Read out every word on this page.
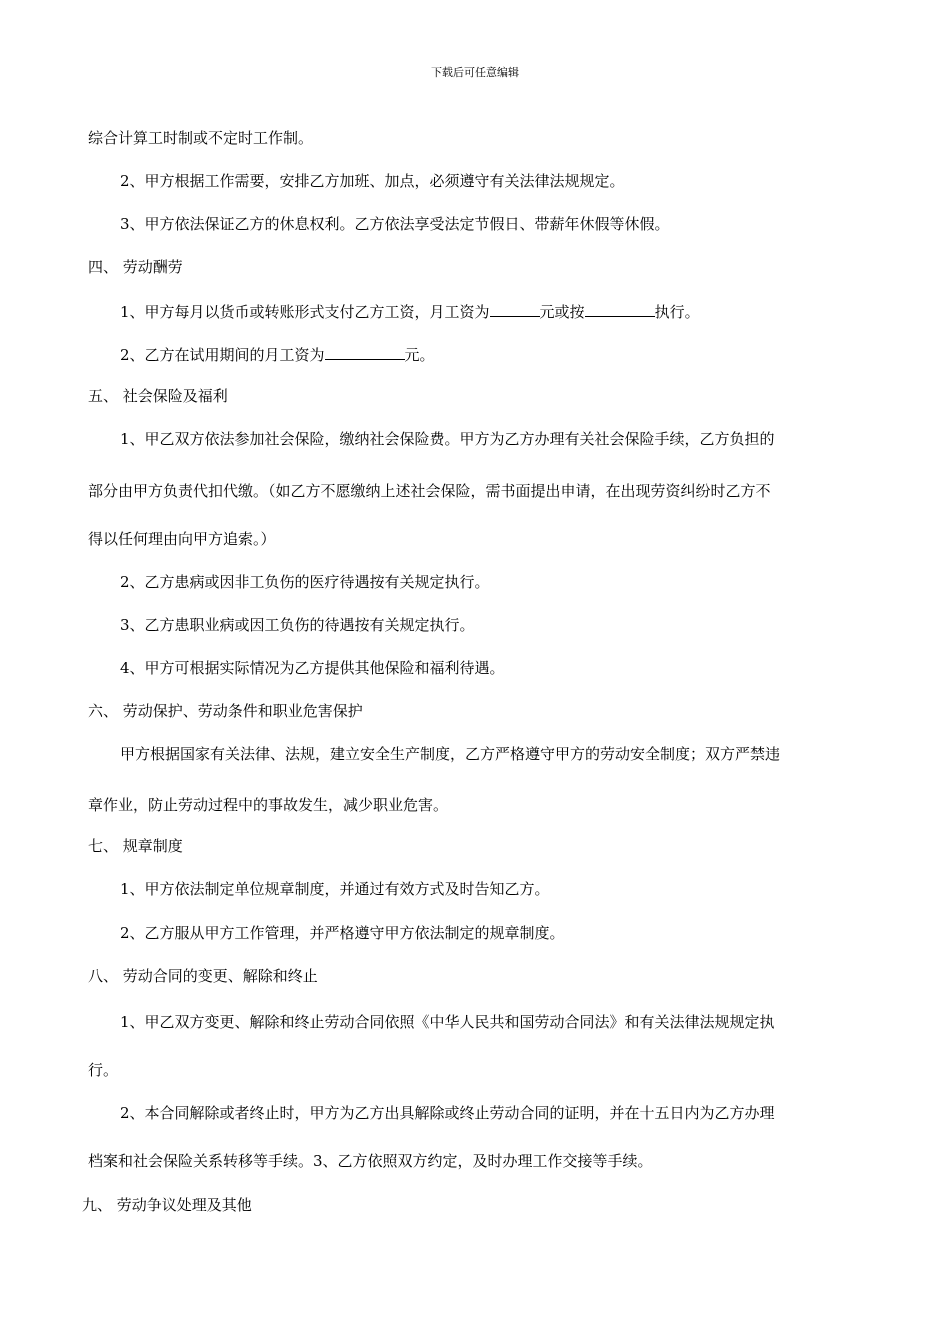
下载后可任意编辑
综合计算工时制或不定时工作制。
2、甲方根据工作需要，安排乙方加班、加点，必须遵守有关法律法规规定。
3、甲方依法保证乙方的休息权利。乙方依法享受法定节假日、带薪年休假等休假。
四、 劳动酬劳
1、甲方每月以货币或转账形式支付乙方工资，月工资为	元或按	执行。
2、乙方在试用期间的月工资为	元。
五、 社会保险及福利
1、甲乙双方依法参加社会保险，缴纳社会保险费。甲方为乙方办理有关社会保险手续，乙方负担的
部分由甲方负责代扣代缴。（如乙方不愿缴纳上述社会保险，需书面提出申请，在出现劳资纠纷时乙方不
得以任何理由向甲方追索。）
2、乙方患病或因非工负伤的医疗待遇按有关规定执行。
3、乙方患职业病或因工负伤的待遇按有关规定执行。
4、甲方可根据实际情况为乙方提供其他保险和福利待遇。
六、 劳动保护、劳动条件和职业危害保护
甲方根据国家有关法律、法规，建立安全生产制度，乙方严格遵守甲方的劳动安全制度；双方严禁违
章作业，防止劳动过程中的事故发生，减少职业危害。
七、 规章制度
1、甲方依法制定单位规章制度，并通过有效方式及时告知乙方。
2、乙方服从甲方工作管理，并严格遵守甲方依法制定的规章制度。
八、 劳动合同的变更、解除和终止
1、甲乙双方变更、解除和终止劳动合同依照《中华人民共和国劳动合同法》和有关法律法规规定执
行。
2、本合同解除或者终止时，甲方为乙方出具解除或终止劳动合同的证明，并在十五日内为乙方办理
档案和社会保险关系转移等手续。3、乙方依照双方约定，及时办理工作交接等手续。
九、 劳动争议处理及其他
